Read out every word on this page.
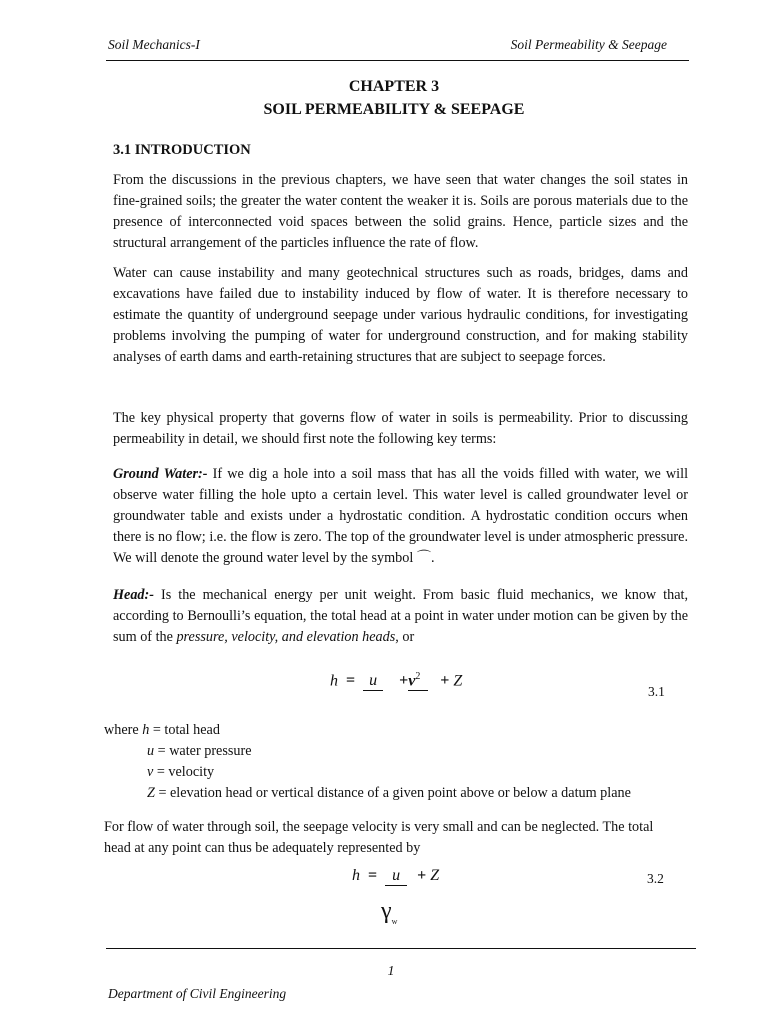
Soil Mechanics-I	Soil Permeability & Seepage
CHAPTER 3
SOIL PERMEABILITY & SEEPAGE
3.1 INTRODUCTION
From the discussions in the previous chapters, we have seen that water changes the soil states in fine-grained soils; the greater the water content the weaker it is. Soils are porous materials due to the presence of interconnected void spaces between the solid grains. Hence, particle sizes and the structural arrangement of the particles influence the rate of flow.
Water can cause instability and many geotechnical structures such as roads, bridges, dams and excavations have failed due to instability induced by flow of water. It is therefore necessary to estimate the quantity of underground seepage under various hydraulic conditions, for investigating problems involving the pumping of water for underground construction, and for making stability analyses of earth dams and earth-retaining structures that are subject to seepage forces.
The key physical property that governs flow of water in soils is permeability. Prior to discussing permeability in detail, we should first note the following key terms:
Ground Water:- If we dig a hole into a soil mass that has all the voids filled with water, we will observe water filling the hole upto a certain level. This water level is called groundwater level or groundwater table and exists under a hydrostatic condition. A hydrostatic condition occurs when there is no flow; i.e. the flow is zero. The top of the groundwater level is under atmospheric pressure. We will denote the ground water level by the symbol ⌒.
Head:- Is the mechanical energy per unit weight. From basic fluid mechanics, we know that, according to Bernoulli’s equation, the total head at a point in water under motion can be given by the sum of the pressure, velocity, and elevation heads, or
$h = u +v^2 + Z$
3.1
where h = total head
u = water pressure
v = velocity
Z = elevation head or vertical distance of a given point above or below a datum plane
For flow of water through soil, the seepage velocity is very small and can be neglected. The total head at any point can thus be adequately represented by
h = u + Z	3.2
$\gamma_w$
1
Department of Civil Engineering
